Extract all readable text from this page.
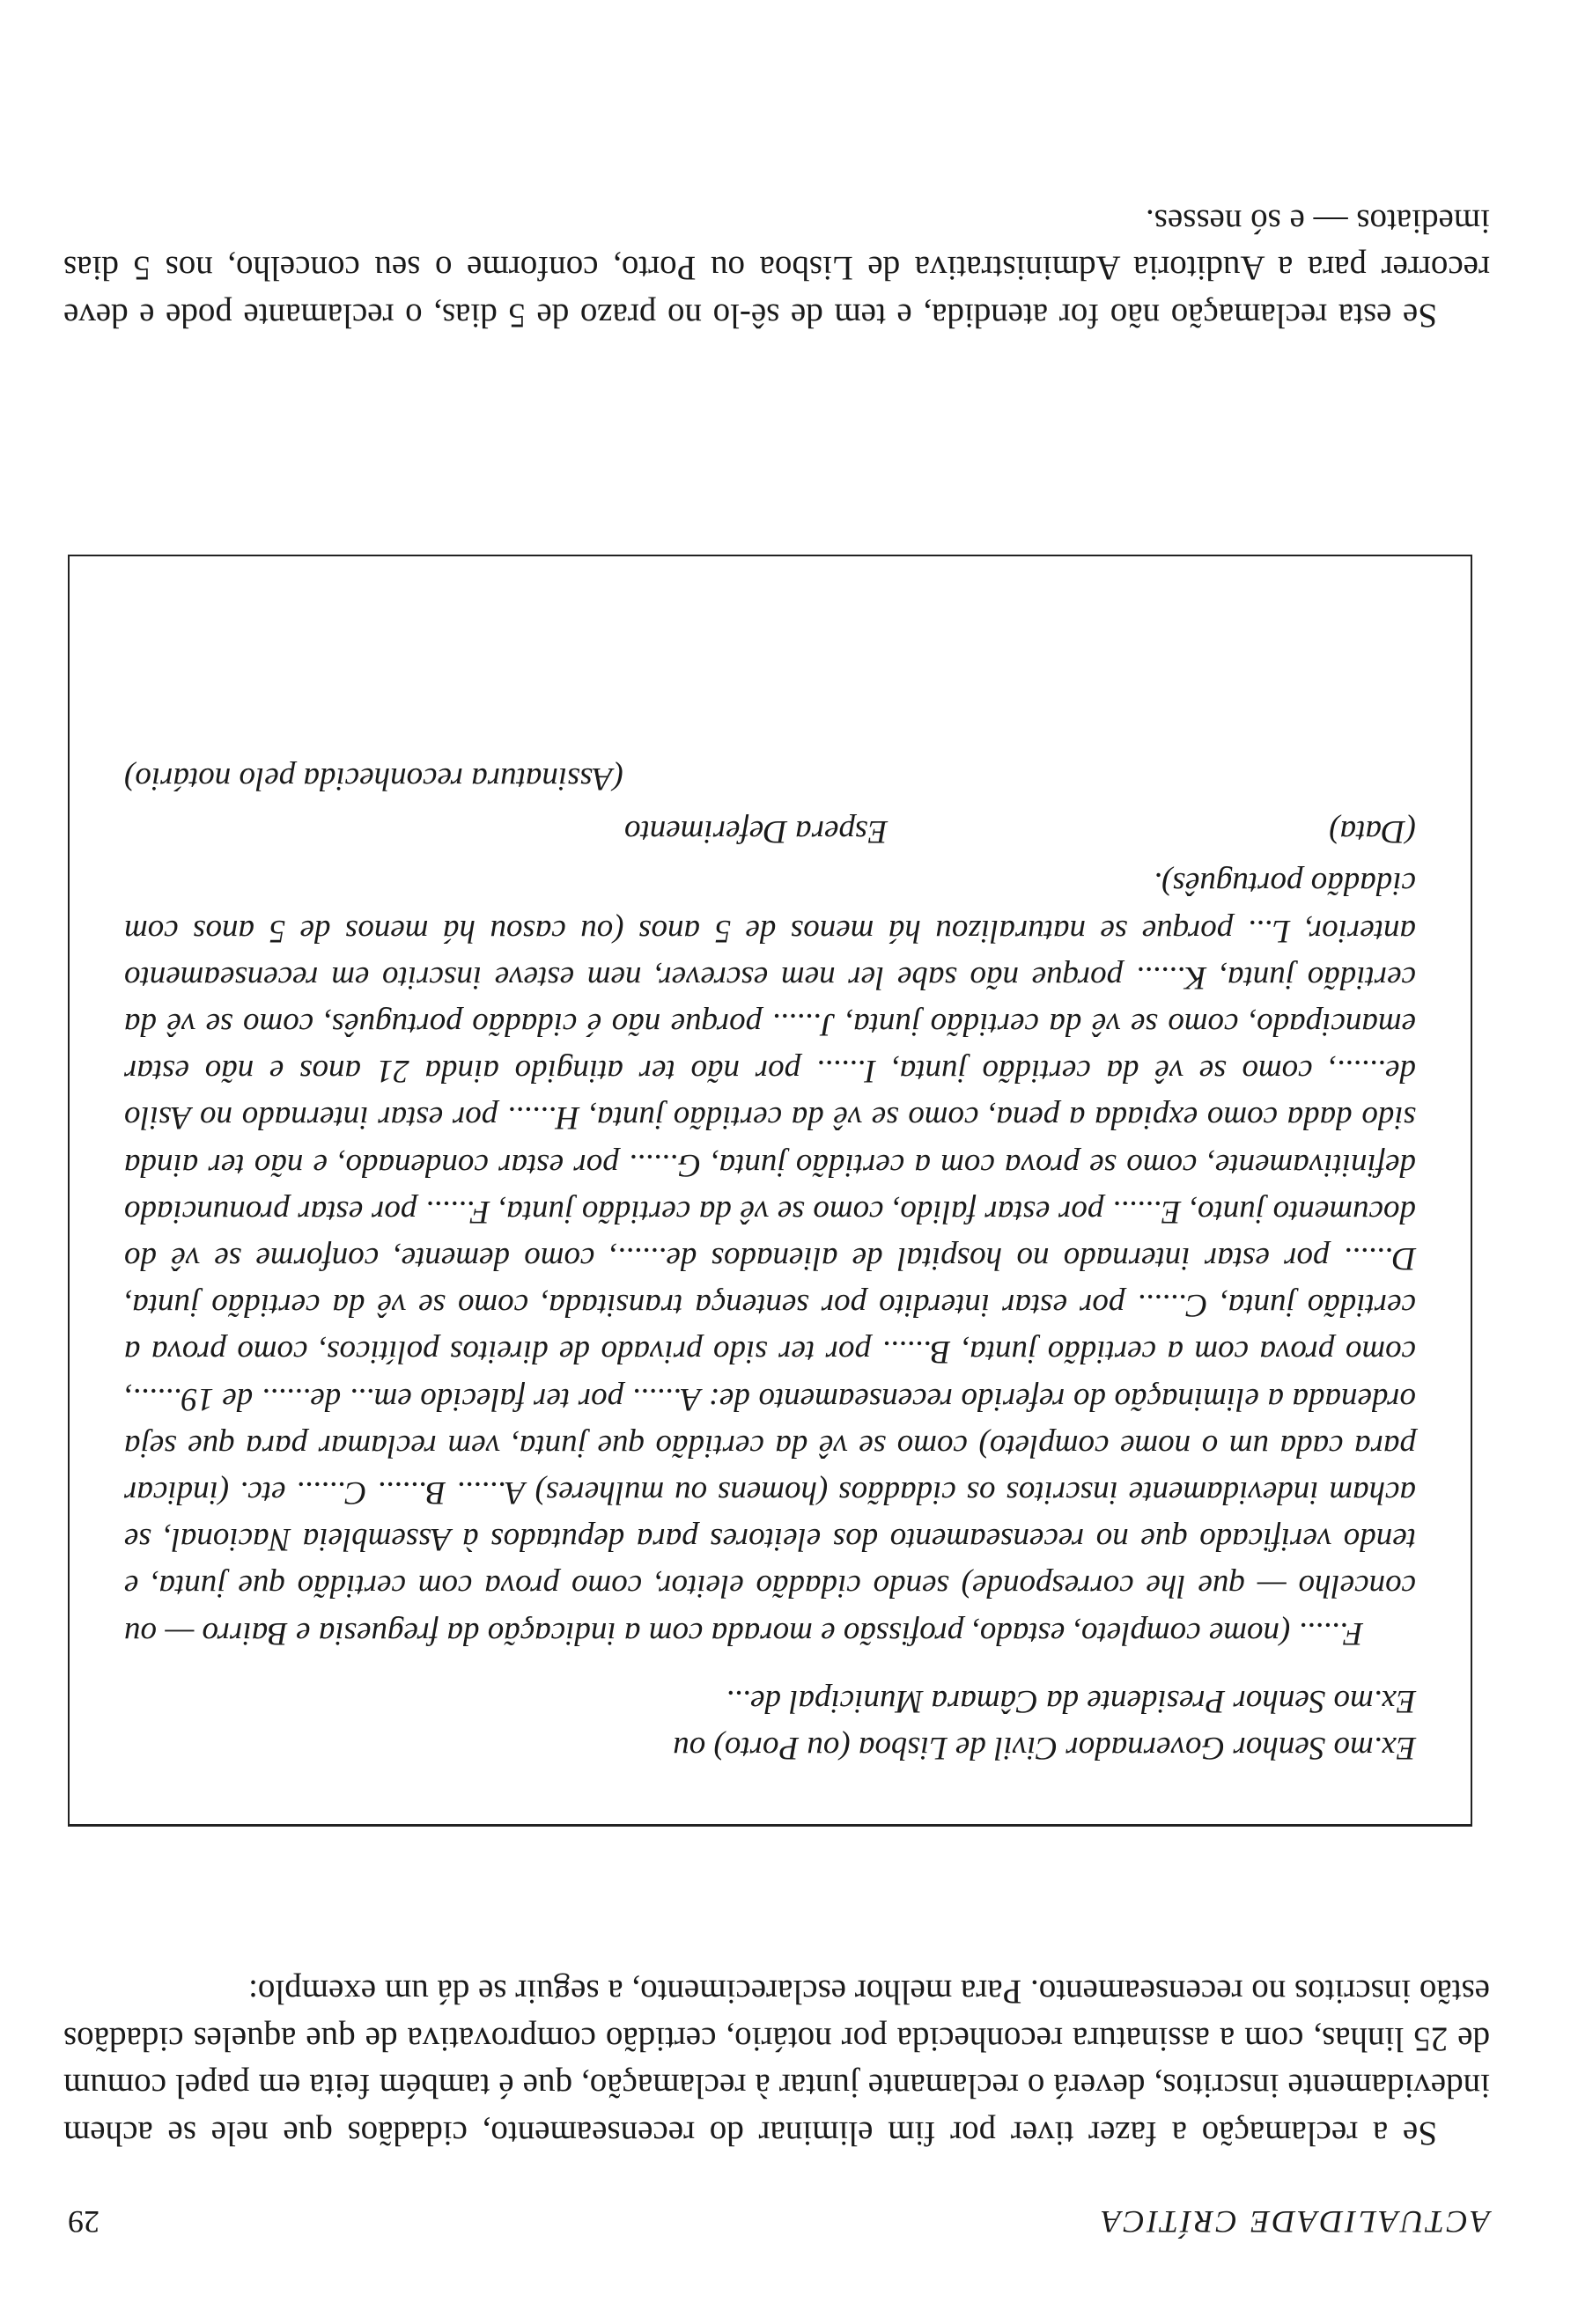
ACTUALIDADE CRÍTICA
29

Se a reclamação a fazer tiver por fim eliminar do recenseamento, cidadãos que nele se achem indevidamente inscritos, deverá o reclamante juntar à reclamação, que é também feita em papel comum de 25 linhas, com a assinatura reconhecida por notário, certidão comprovativa de que aqueles cidadãos estão inscritos no recenseamento. Para melhor esclarecimento, a seguir se dá um exemplo:

Ex.mo Senhor Governador Civil de Lisboa (ou Porto) ou

Ex.mo Senhor Presidente da Câmara Municipal de...

F...... (nome completo, estado, profissão e morada com a indicação da freguesia e Bairro — ou concelho — que lhe corresponde) sendo cidadão eleitor, como prova com certidão que junta, e tendo verificado que no recenseamento dos eleitores para deputados à Assembleia Nacional, se acham indevidamente inscritos os cidadãos (homens ou mulheres) A...... B...... C...... etc. (indicar para cada um o nome completo) como se vê da certidão que junta, vem reclamar para que seja ordenada a eliminação do referido recenseamento de: A...... por ter falecido em... de...... de 19......, como prova com a certidão junta, B...... por ter sido privado de direitos políticos, como prova a certidão junta, C...... por estar interdito por sentença transitada, como se vê da certidão junta, D...... por estar internado no hospital de alienados de......, como demente, conforme se vê do documento junto, E...... por estar falido, como se vê da certidão junta, F...... por estar pronunciado definitivamente, como se prova com a certidão junta, G...... por estar condenado, e não ter ainda sido dada como expiada a pena, como se vê da certidão junta, H...... por estar internado no Asilo de......, como se vê da certidão junta, I...... por não ter atingido ainda 21 anos e não estar emancipado, como se vê da certidão junta, J...... porque não é cidadão português, como se vê da certidão junta, K...... porque não sabe ler nem escrever, nem esteve inscrito em recenseamento anterior, L... porque se naturalizou há menos de 5 anos (ou casou há menos de 5 anos com cidadão português).

(Data)
Espera Deferimento

(Assinatura reconhecida pelo notário)

Se esta reclamação não for atendida, e tem de sê-lo no prazo de 5 dias, o reclamante pode e deve recorrer para a Auditoria Administrativa de Lisboa ou Porto, conforme o seu concelho, nos 5 dias imediatos — e só nesses.
